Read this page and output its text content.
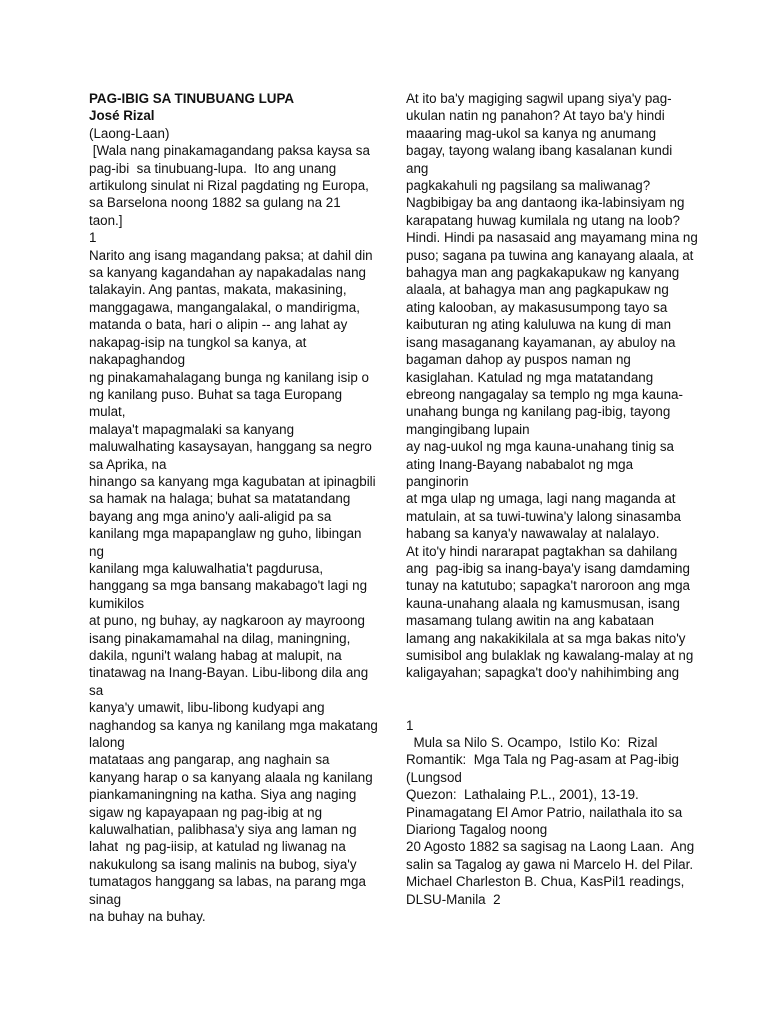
PAG-IBIG SA TINUBUANG LUPA
José Rizal
(Laong-Laan)
[Wala nang pinakamagandang paksa kaysa sa
pag-ibi  sa tinubuang-lupa.  Ito ang unang
artikulong sinulat ni Rizal pagdating ng Europa,
sa Barselona noong 1882 sa gulang na 21
taon.]
1
Narito ang isang magandang paksa; at dahil din
sa kanyang kagandahan ay napakadalas nang
talakayin. Ang pantas, makata, makasining,
manggagawa, mangangalakal, o mandirigma,
matanda o bata, hari o alipin -- ang lahat ay
nakapag-isip na tungkol sa kanya, at
nakapaghandog
ng pinakamahalagang bunga ng kanilang isip o
ng kanilang puso. Buhat sa taga Europang
mulat,
malaya't mapagmalaki sa kanyang
maluwalhating kasaysayan, hanggang sa negro
sa Aprika, na
hinango sa kanyang mga kagubatan at ipinagbili
sa hamak na halaga; buhat sa matatandang
bayang ang mga anino'y aali-aligid pa sa
kanilang mga mapapanglaw ng guho, libingan
ng
kanilang mga kaluwalhatia't pagdurusa,
hanggang sa mga bansang makabago't lagi ng
kumikilos
at puno, ng buhay, ay nagkaroon ay mayroong
isang pinakamamahal na dilag, maningning,
dakila, nguni't walang habag at malupit, na
tinatawag na Inang-Bayan. Libu-libong dila ang
sa
kanya'y umawit, libu-libong kudyapi ang
naghandog sa kanya ng kanilang mga makatang
lalong
matataas ang pangarap, ang naghain sa
kanyang harap o sa kanyang alaala ng kanilang
piankamaningning na katha. Siya ang naging
sigaw ng kapayapaan ng pag-ibig at ng
kaluwalhatian, palibhasa'y siya ang laman ng
lahat  ng pag-iisip, at katulad ng liwanag na
nakukulong sa isang malinis na bubog, siya'y
tumatagos hanggang sa labas, na parang mga
sinag
na buhay na buhay.
At ito ba'y magiging sagwil upang siya'y pag-
ukulan natin ng panahon? At tayo ba'y hindi
maaaring mag-ukol sa kanya ng anumang
bagay, tayong walang ibang kasalanan kundi
ang
pagkakahuli ng pagsilang sa maliwanag?
Nagbibigay ba ang dantaong ika-labinsiyam ng
karapatang huwag kumilala ng utang na loob?
Hindi. Hindi pa nasasaid ang mayamang mina ng
puso; sagana pa tuwina ang kanayang alaala, at
bahagya man ang pagkakapukaw ng kanyang
alaala, at bahagya man ang pagkapukaw ng
ating kalooban, ay makasusumpong tayo sa
kaibuturan ng ating kaluluwa na kung di man
isang masaganang kayamanan, ay abuloy na
bagaman dahop ay puspos naman ng
kasiglahan. Katulad ng mga matatandang
ebreong nangagalay sa templo ng mga kauna-
unahang bunga ng kanilang pag-ibig, tayong
mangingibang lupain
ay nag-uukol ng mga kauna-unahang tinig sa
ating Inang-Bayang nababalot ng mga
panginorin
at mga ulap ng umaga, lagi nang maganda at
matulain, at sa tuwi-tuwina'y lalong sinasamba
habang sa kanya'y nawawalay at nalalayo.
At ito'y hindi nararapat pagtakhan sa dahilang
ang  pag-ibig sa inang-baya'y isang damdaming
tunay na katutubo; sapagka't naroroon ang mga
kauna-unahang alaala ng kamusmusan, isang
masamang tulang awitin na ang kabataan
lamang ang nakakikilala at sa mga bakas nito'y
sumisibol ang bulaklak ng kawalang-malay at ng
kaligayahan; sapagka't doo'y nahihimbing ang
1
Mula sa Nilo S. Ocampo,  Istilo Ko:  Rizal
Romantik:  Mga Tala ng Pag-asam at Pag-ibig
(Lungsod
Quezon:  Lathalaing P.L., 2001), 13-19.
Pinamagatang El Amor Patrio, nailathala ito sa
Diariong Tagalog noong
20 Agosto 1882 sa sagisag na Laong Laan.  Ang
salin sa Tagalog ay gawa ni Marcelo H. del Pilar.
Michael Charleston B. Chua, KasPil1 readings,
DLSU-Manila  2
